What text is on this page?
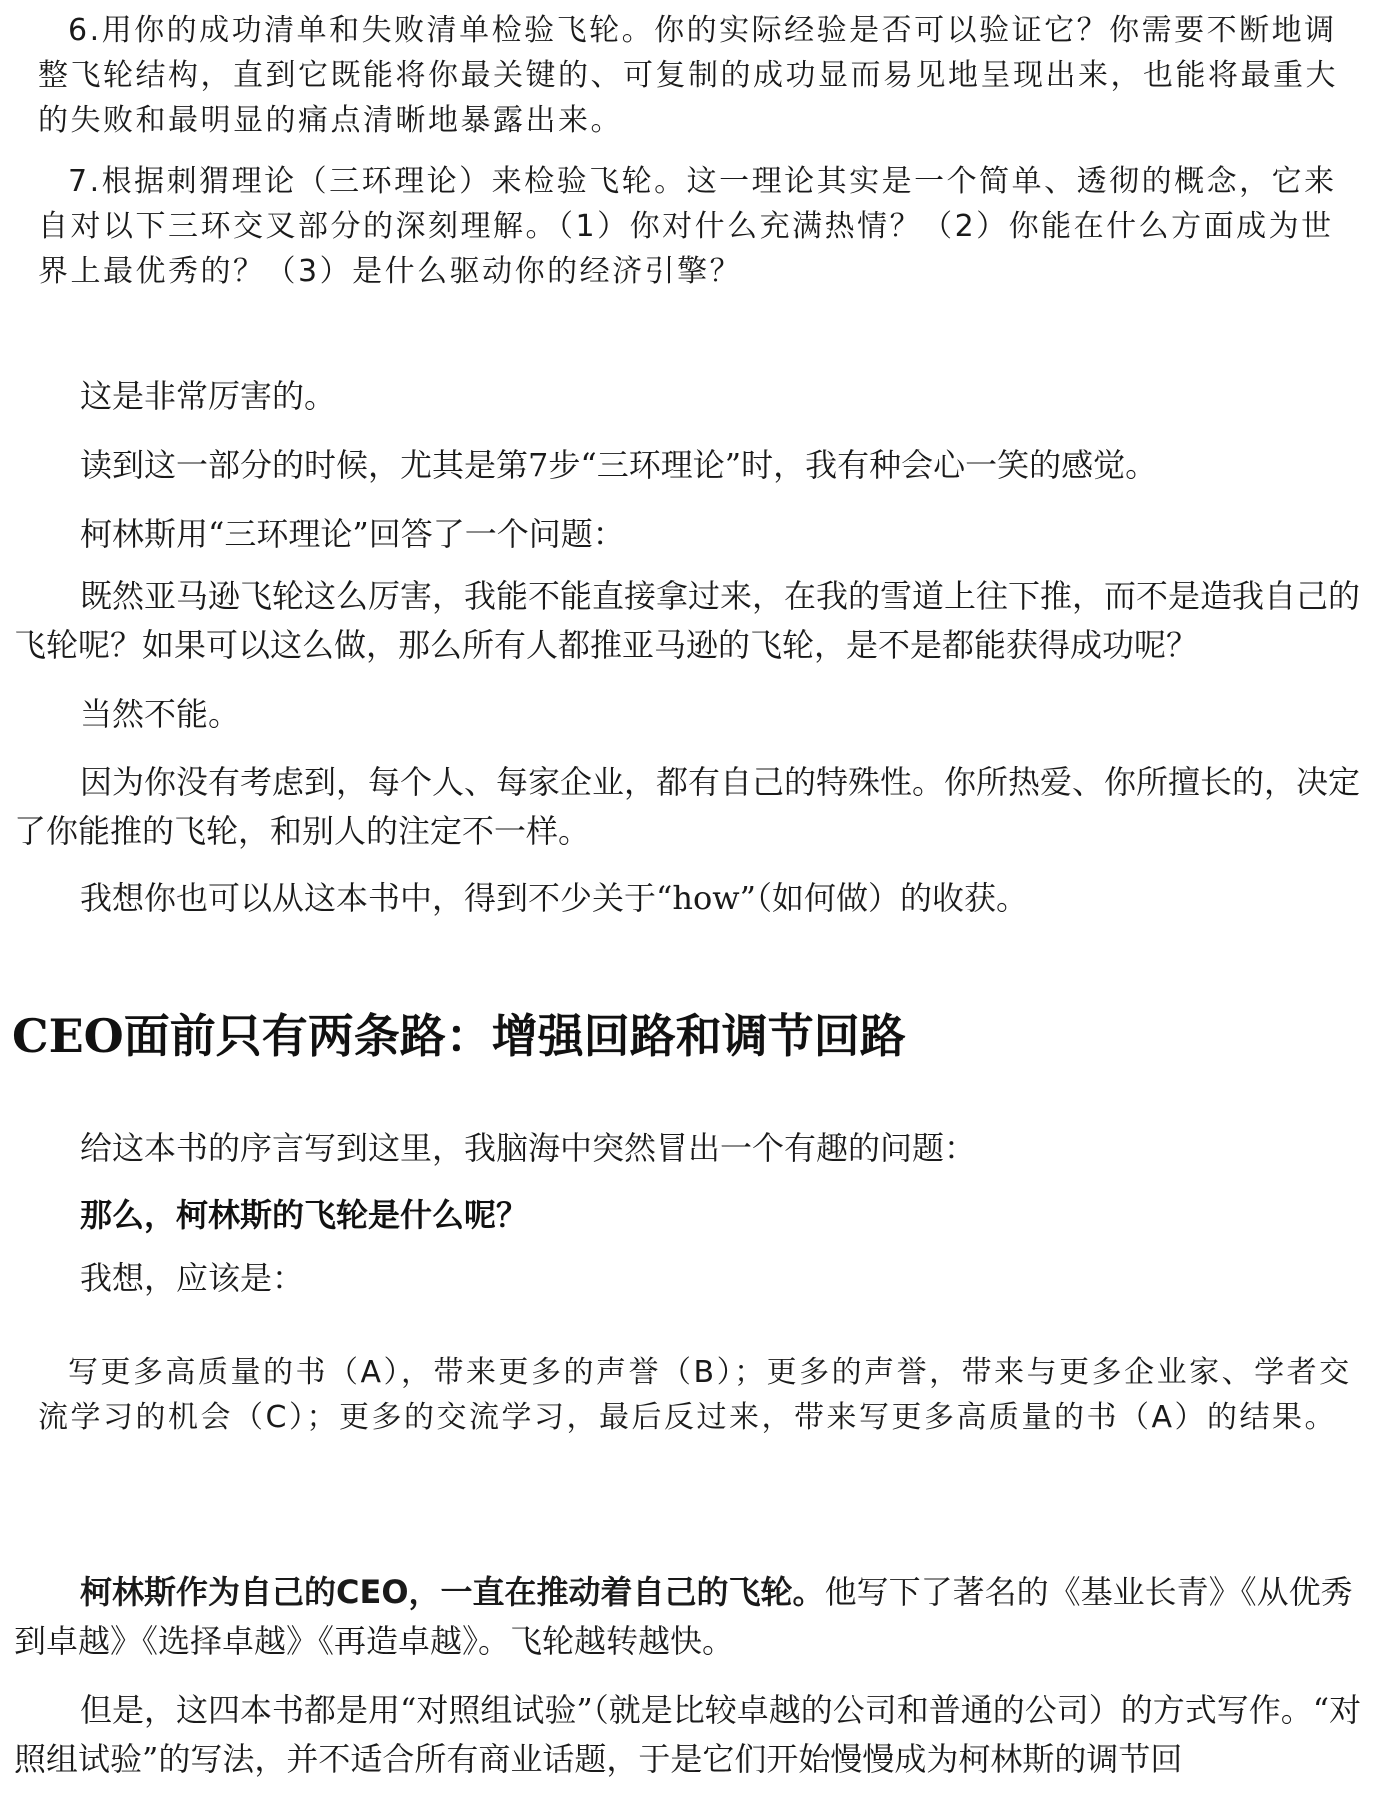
6.用你的成功清单和失败清单检验飞轮。你的实际经验是否可以验证它？你需要不断地调整飞轮结构，直到它既能将你最关键的、可复制的成功显而易见地呈现出来，也能将最重大的失败和最明显的痛点清晰地暴露出来。

7.根据刺猬理论（三环理论）来检验飞轮。这一理论其实是一个简单、透彻的概念，它来自对以下三环交叉部分的深刻理解。（1）你对什么充满热情？（2）你能在什么方面成为世界上最优秀的？（3）是什么驱动你的经济引擎？

这是非常厉害的。

读到这一部分的时候，尤其是第7步“三环理论”时，我有种会心一笑的感觉。

柯林斯用“三环理论”回答了一个问题：

既然亚马逊飞轮这么厉害，我能不能直接拿过来，在我的雪道上往下推，而不是造我自己的飞轮呢？如果可以这么做，那么所有人都推亚马逊的飞轮，是不是都能获得成功呢？

当然不能。

因为你没有考虑到，每个人、每家企业，都有自己的特殊性。你所热爱、你所擅长的，决定了你能推的飞轮，和别人的注定不一样。

我想你也可以从这本书中，得到不少关于“how”（如何做）的收获。

CEO面前只有两条路：增强回路和调节回路

给这本书的序言写到这里，我脑海中突然冒出一个有趣的问题：

那么，柯林斯的飞轮是什么呢？

我想，应该是：

写更多高质量的书（A），带来更多的声誉（B）；更多的声誉，带来与更多企业家、学者交流学习的机会（C）；更多的交流学习，最后反过来，带来写更多高质量的书（A）的结果。

柯林斯作为自己的CEO，一直在推动着自己的飞轮。他写下了著名的《基业长青》《从优秀到卓越》《选择卓越》《再造卓越》。飞轮越转越快。

但是，这四本书都是用“对照组试验”（就是比较卓越的公司和普通的公司）的方式写作。“对照组试验”的写法，并不适合所有商业话题，于是它们开始慢慢成为柯林斯的调节回
